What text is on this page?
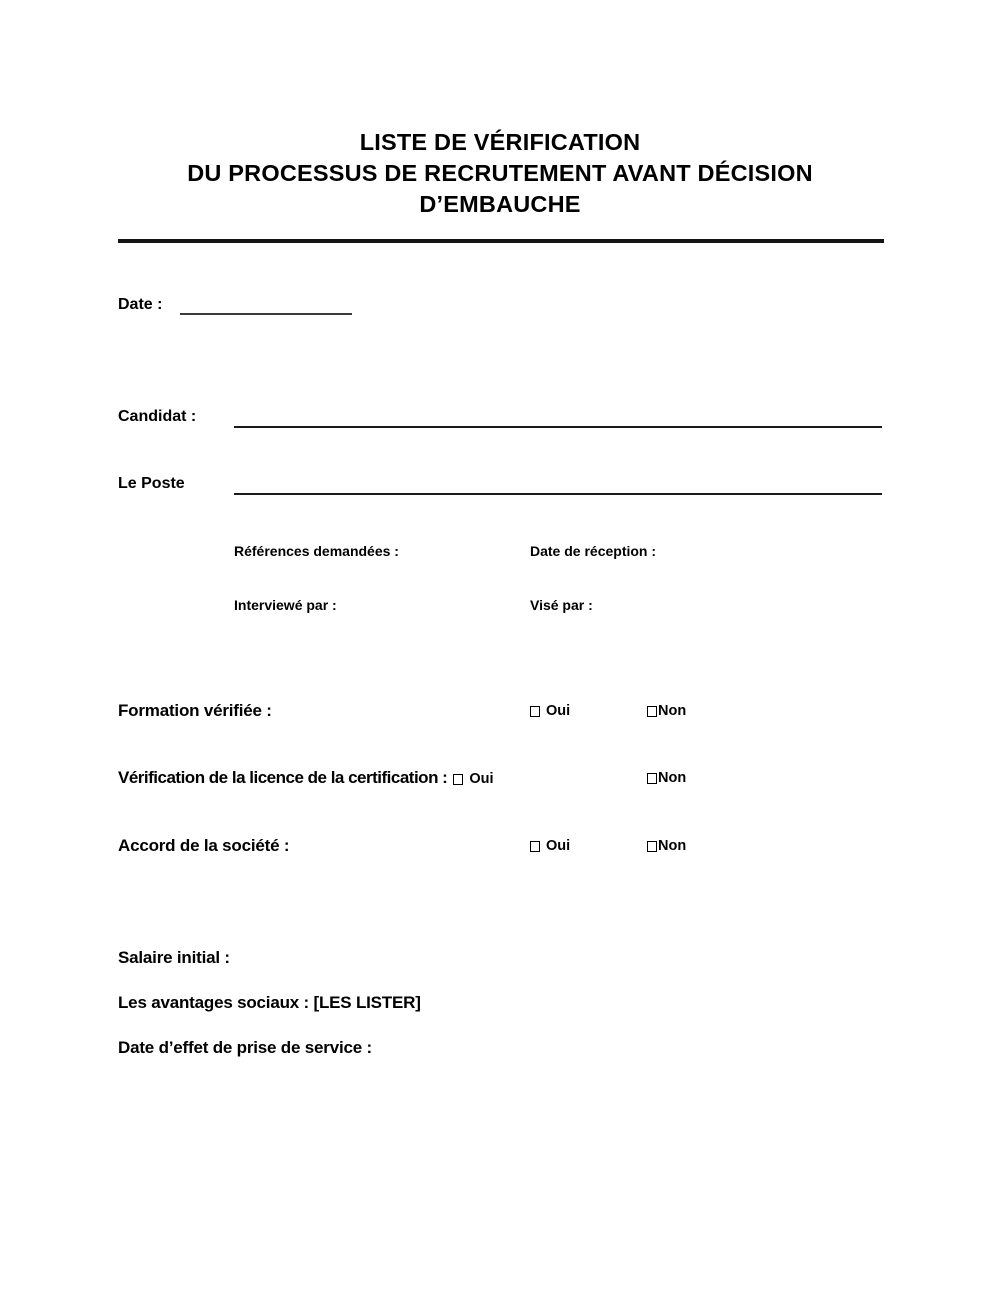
LISTE DE VÉRIFICATION
DU PROCESSUS DE RECRUTEMENT AVANT DÉCISION
D’EMBAUCHE
Date :
Candidat :
Le Poste
Références demandées :	Date de réception :
Interviewé par :	Visé par :
Formation vérifiée :	Oui	Non
Vérification de la licence de la certification : Oui	Non
Accord de la société :	Oui	Non
Salaire initial :
Les avantages sociaux : [LES LISTER]
Date d’effet de prise de service :
